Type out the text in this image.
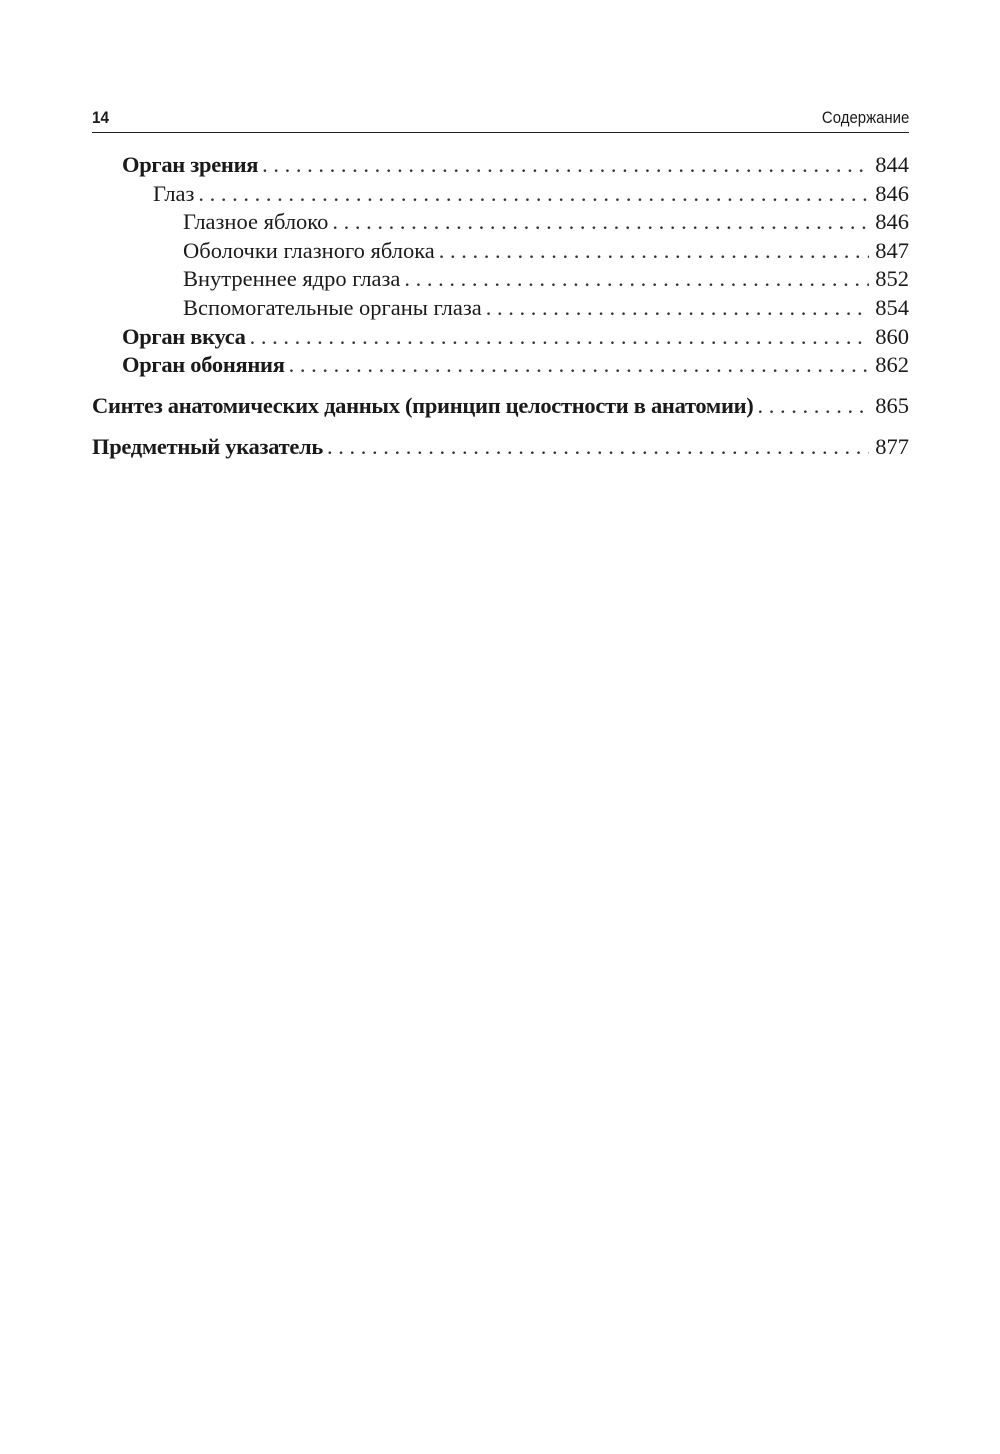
14	Содержание
Орган зрения . . .	844
Глаз . . .	846
Глазное яблоко . . .	846
Оболочки глазного яблока . . .	847
Внутреннее ядро глаза . . .	852
Вспомогательные органы глаза . . .	854
Орган вкуса . . .	860
Орган обоняния . . .	862
Синтез анатомических данных (принцип целостности в анатомии) . . .	865
Предметный указатель . . .	877
